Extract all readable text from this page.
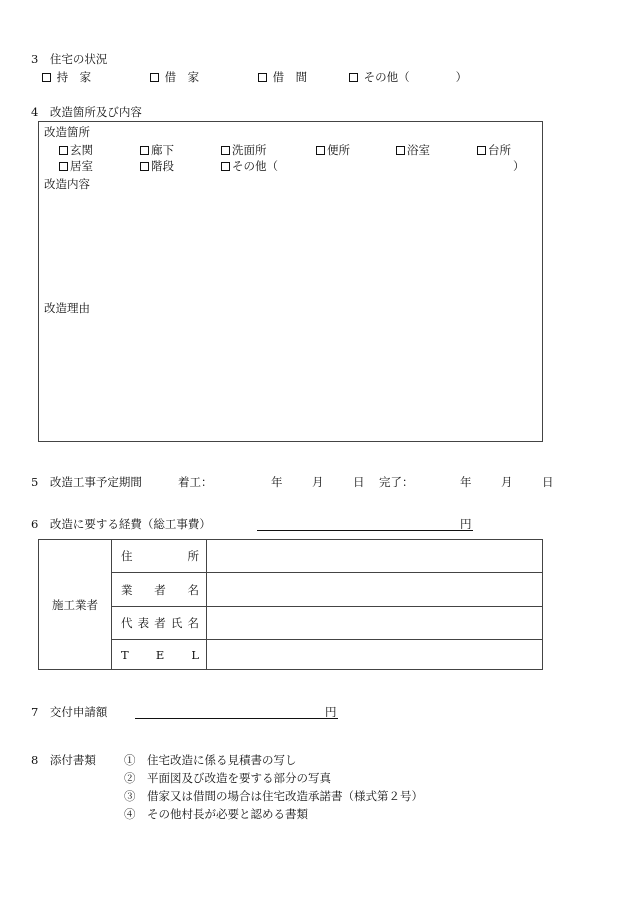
3　住宅の状況
持　家	借　家	借　間	その他（　　　　）
4　改造箇所及び内容
改造箇所
玄関	廊下	洗面所	便所	浴室	台所
居室	階段	その他（	）
改造内容
改造理由
5　改造工事予定期間	着工：	年	月	日 完了：	年	月	日
6　改造に要する経費（総工事費）	円
施工業者	住 所	

	業 者 名	

	代 表 者 氏 名	

	T E L	

7　交付申請額	円
8　添付書類 ①　 住宅改造に係る見積書の写し
②　 平面図及び改造を要する部分の写真
③　 借家又は借間の場合は住宅改造承諾書（様式第２号）
④　 その他村長が必要と認める書類
